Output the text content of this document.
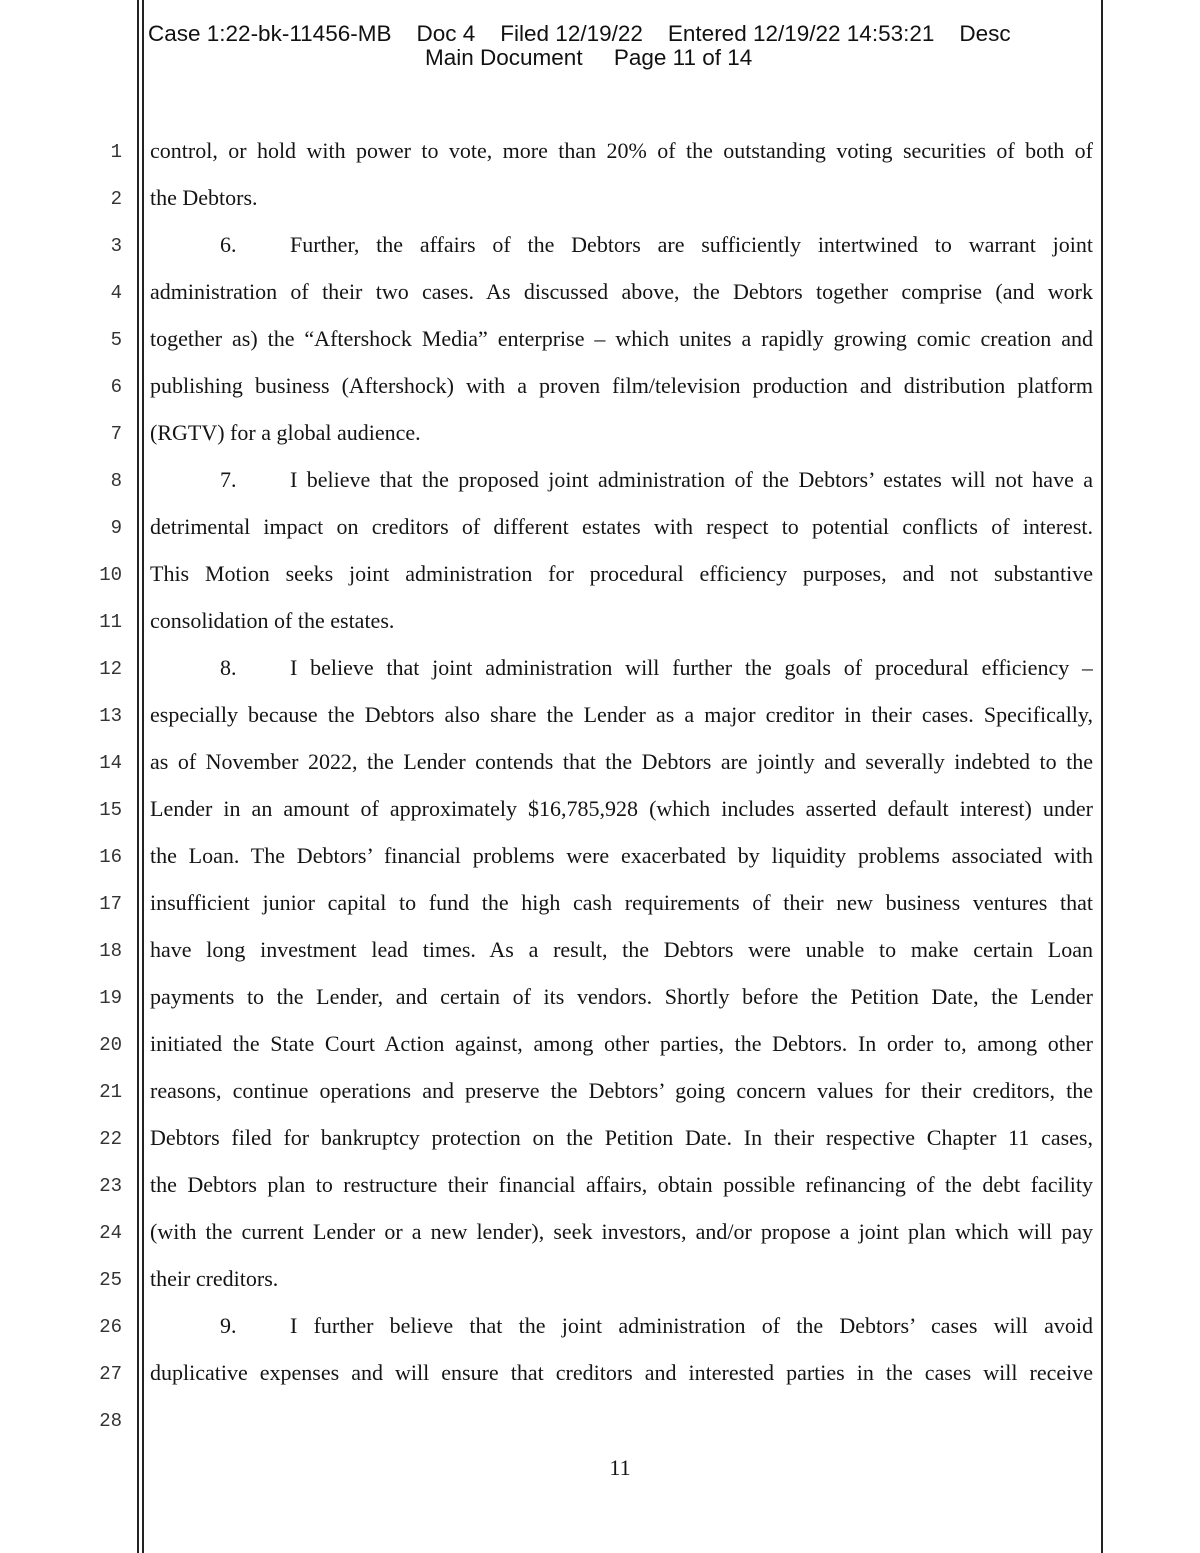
Case 1:22-bk-11456-MB Doc 4 Filed 12/19/22 Entered 12/19/22 14:53:21 Desc
Main Document Page 11 of 14
1
2
3
4
5
6
7
8
9
10
11
12
13
14
15
16
17
18
19
20
21
22
23
24
25
26
27
28
control, or hold with power to vote, more than 20% of the outstanding voting securities of both of
the Debtors.
6. Further, the affairs of the Debtors are sufficiently intertwined to warrant joint
administration of their two cases. As discussed above, the Debtors together comprise (and work
together as) the “Aftershock Media” enterprise – which unites a rapidly growing comic creation and
publishing business (Aftershock) with a proven film/television production and distribution platform
(RGTV) for a global audience.
7. I believe that the proposed joint administration of the Debtors’ estates will not have a
detrimental impact on creditors of different estates with respect to potential conflicts of interest.
This Motion seeks joint administration for procedural efficiency purposes, and not substantive
consolidation of the estates.
8. I believe that joint administration will further the goals of procedural efficiency –
especially because the Debtors also share the Lender as a major creditor in their cases. Specifically,
as of November 2022, the Lender contends that the Debtors are jointly and severally indebted to the
Lender in an amount of approximately $16,785,928 (which includes asserted default interest) under
the Loan. The Debtors’ financial problems were exacerbated by liquidity problems associated with
insufficient junior capital to fund the high cash requirements of their new business ventures that
have long investment lead times. As a result, the Debtors were unable to make certain Loan
payments to the Lender, and certain of its vendors. Shortly before the Petition Date, the Lender
initiated the State Court Action against, among other parties, the Debtors. In order to, among other
reasons, continue operations and preserve the Debtors’ going concern values for their creditors, the
Debtors filed for bankruptcy protection on the Petition Date. In their respective Chapter 11 cases,
the Debtors plan to restructure their financial affairs, obtain possible refinancing of the debt facility
(with the current Lender or a new lender), seek investors, and/or propose a joint plan which will pay
their creditors.
9. I further believe that the joint administration of the Debtors’ cases will avoid
duplicative expenses and will ensure that creditors and interested parties in the cases will receive
11
